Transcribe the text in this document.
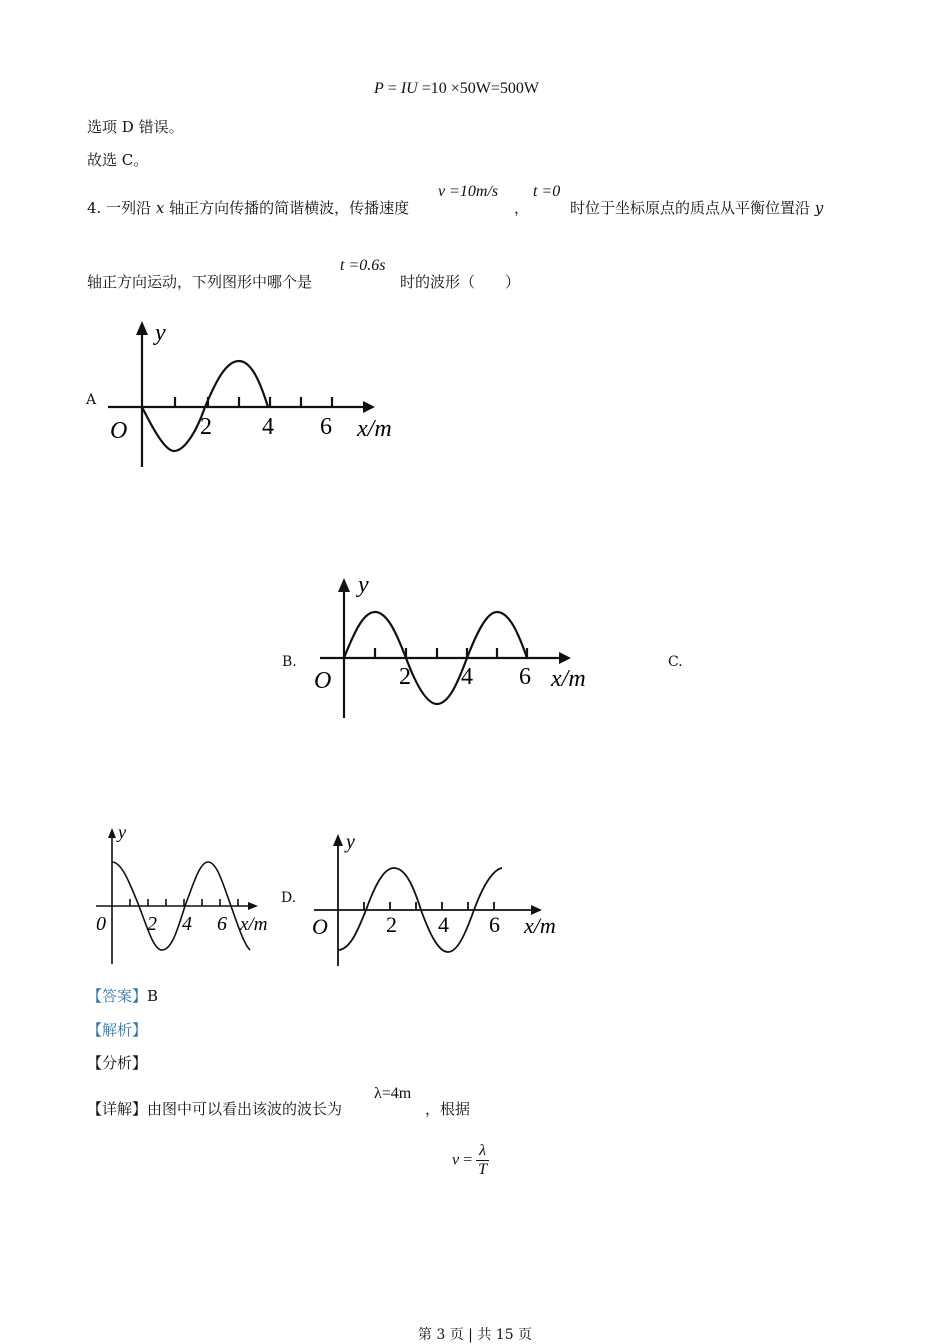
P = IU =10 ×50W=500W
选项 D 错误。
故选 C。
4. 一列沿 x 轴正方向传播的简谐横波，传播速度
v =10m/s
，
t =0
时位于坐标原点的质点从平衡位置沿 y
轴正方向运动，下列图形中哪个是
t =0.6s
时的波形（　　）
A
y
O	2 4 6 x/m
B.
y
O	2 4 6 x/m
C.
y
0 2 4 6 x/m
D.
y
O	2 4 6 x/m
【答案】B
【解析】
【分析】
【详解】由图中可以看出该波的波长为
λ=4m
，根据
$v = \frac{\lambda}{T}$
第 3 页 | 共 15 页
